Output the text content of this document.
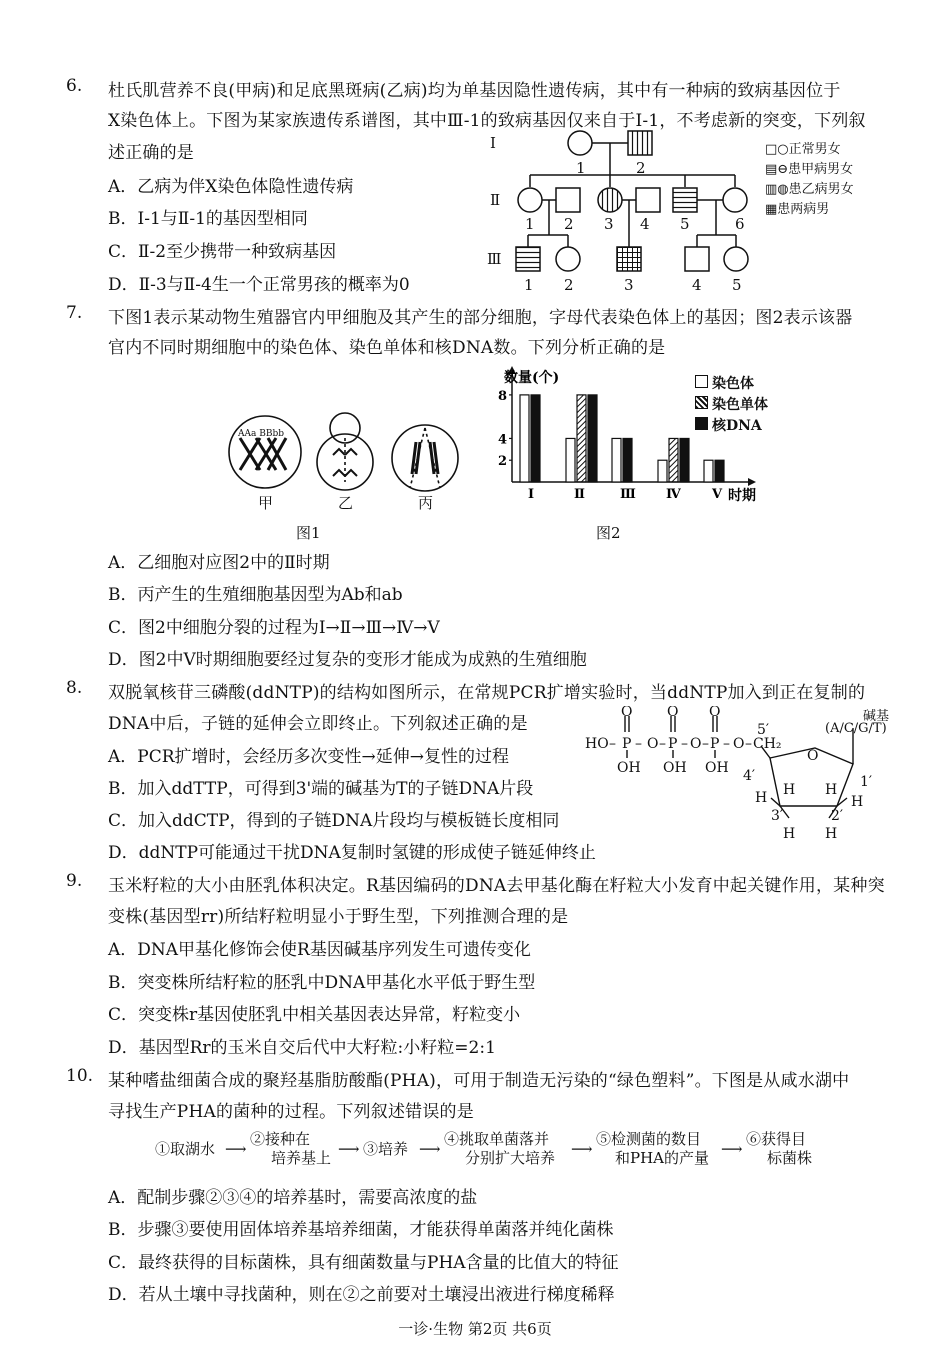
6. 杜氏肌营养不良(甲病)和足底黑斑病(乙病)均为单基因隐性遗传病，其中有一种病的致病基因位于
X染色体上。下图为某家族遗传系谱图，其中Ⅲ-1的致病基因仅来自于Ⅰ-1，不考虑新的突变，下列叙
述正确的是
A．乙病为伴X染色体隐性遗传病
B．Ⅰ-1与Ⅱ-1的基因型相同
C．Ⅱ-2至少携带一种致病基因
D．Ⅱ-3与Ⅱ-4生一个正常男孩的概率为0
Ⅰ
Ⅱ
Ⅲ
1	2
1 2 3 4 5	6
1 2	3	4 5
□○正常男女
▤⊖患甲病男女
▥◍患乙病男女
▦患两病男
7. 下图1表示某动物生殖器官内甲细胞及其产生的部分细胞，字母代表染色体上的基因；图2表示该器
官内不同时期细胞中的染色体、染色单体和核DNA数。下列分析正确的是
AAa BBbb
甲	乙	丙
图1
2
4
8
Ⅰ	Ⅱ	Ⅲ Ⅳ Ⅴ
数量(个)
时期
图2
染色体
染色单体
核DNA
A．乙细胞对应图2中的Ⅱ时期
B．丙产生的生殖细胞基因型为Ab和ab
C．图2中细胞分裂的过程为Ⅰ→Ⅱ→Ⅲ→Ⅳ→Ⅴ
D．图2中Ⅴ时期细胞要经过复杂的变形才能成为成熟的生殖细胞
8. 双脱氧核苷三磷酸(ddNTP)的结构如图所示，在常规PCR扩增实验时，当ddNTP加入到正在复制的
DNA中后，子链的延伸会立即终止。下列叙述正确的是
A．PCR扩增时，会经历多次变性→延伸→复性的过程
B．加入ddTTP，可得到3'端的碱基为T的子链DNA片段
C．加入ddCTP，得到的子链DNA片段均与模板链长度相同
D．ddNTP可能通过干扰DNA复制时氢键的形成使子链延伸终止
O O O
HO – P – O – P – O – P – O – CH₂
OH OH OH
5′
4′	1′
3′	2′
O
H H H
H
H H
碱基
(A/C/G/T)
9. 玉米籽粒的大小由胚乳体积决定。R基因编码的DNA去甲基化酶在籽粒大小发育中起关键作用，某种突
变株(基因型rr)所结籽粒明显小于野生型，下列推测合理的是
A．DNA甲基化修饰会使R基因碱基序列发生可遗传变化
B．突变株所结籽粒的胚乳中DNA甲基化水平低于野生型
C．突变株r基因使胚乳中相关基因表达异常，籽粒变小
D．基因型Rr的玉米自交后代中大籽粒:小籽粒=2:1
10. 某种嗜盐细菌合成的聚羟基脂肪酸酯(PHA)，可用于制造无污染的“绿色塑料”。下图是从咸水湖中
寻找生产PHA的菌种的过程。下列叙述错误的是
①取湖水 ⟶
②接种在
培养基上 ⟶ ③培养 ⟶
④挑取单菌落并
分别扩大培养 ⟶
⑤检测菌的数目
和PHA的产量 ⟶
⑥获得目
标菌株
A．配制步骤②③④的培养基时，需要高浓度的盐
B．步骤③要使用固体培养基培养细菌，才能获得单菌落并纯化菌株
C．最终获得的目标菌株，具有细菌数量与PHA含量的比值大的特征
D．若从土壤中寻找菌种，则在②之前要对土壤浸出液进行梯度稀释
一诊·生物 第2页 共6页
